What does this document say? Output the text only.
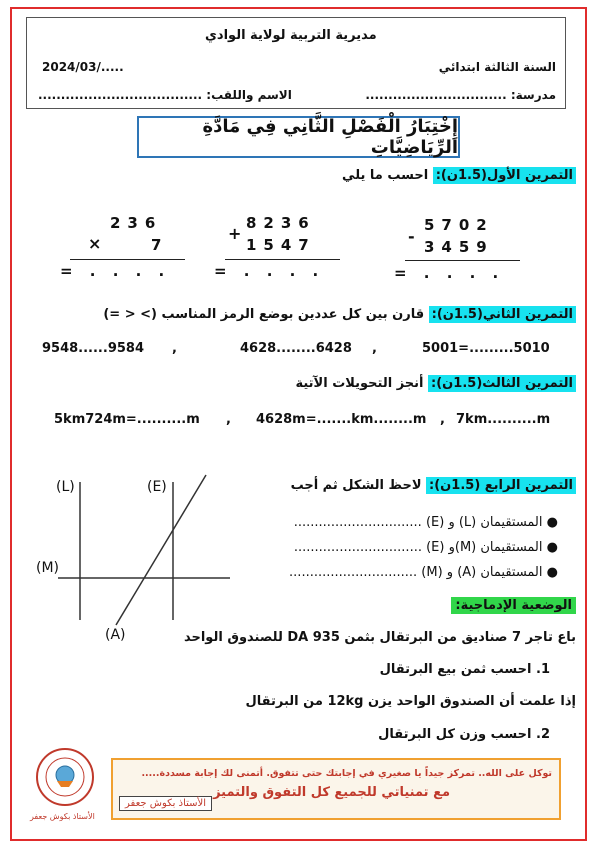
مديرية التربية لولاية الوادي
السنة الثالثة ابتدائي
2024/03/.....
مدرسة: ...............................
الاسم واللقب: ....................................
إِخْتِبَارُ الْفَصْلِ الثَّانِي فِي مَادَّةِ الرِّيَاضِيَّاتِ
التمرين الأول(1.5ن): احسب ما يلي
236
×	7
= . . . .
8236
+
1547
= . . . .
5702
-
3459
= . . . .
التمرين الثاني(1.5ن): قارن بين كل عددين بوضع الرمز المناسب (> < =)
9548......9584 ,	4628........6428 ,	5001=.........5010
التمرين الثالث(1.5ن): أنجز التحويلات الآتية
5km724m=..........m , 4628m=.......km........m , 7km..........m
(L)	(E)
(M)
(A)
التمرين الرابع (1.5ن): لاحظ الشكل ثم أجب
● المستقيمان (L) و (E) ...............................
● المستقيمان (M)و (E) ...............................
● المستقيمان (A) و (M) ...............................
الوضعية الإدماجية:
باع تاجر 7 صناديق من البرتقال بثمن 935 DA للصندوق الواحد
1. احسب ثمن بيع البرتقال
إذا علمت أن الصندوق الواحد يزن 12kg من البرتقال
2. احسب وزن كل البرتقال
الأستاذ بكوش جعفر
توكل على الله.. تمركز جيداً يا صغيري في إجابتك حتى تتفوق. أتمنى لك إجابة مسددة.....
مع تمنياتي للجميع كل التفوق والتميز
الأستاذ بكوش جعفر
